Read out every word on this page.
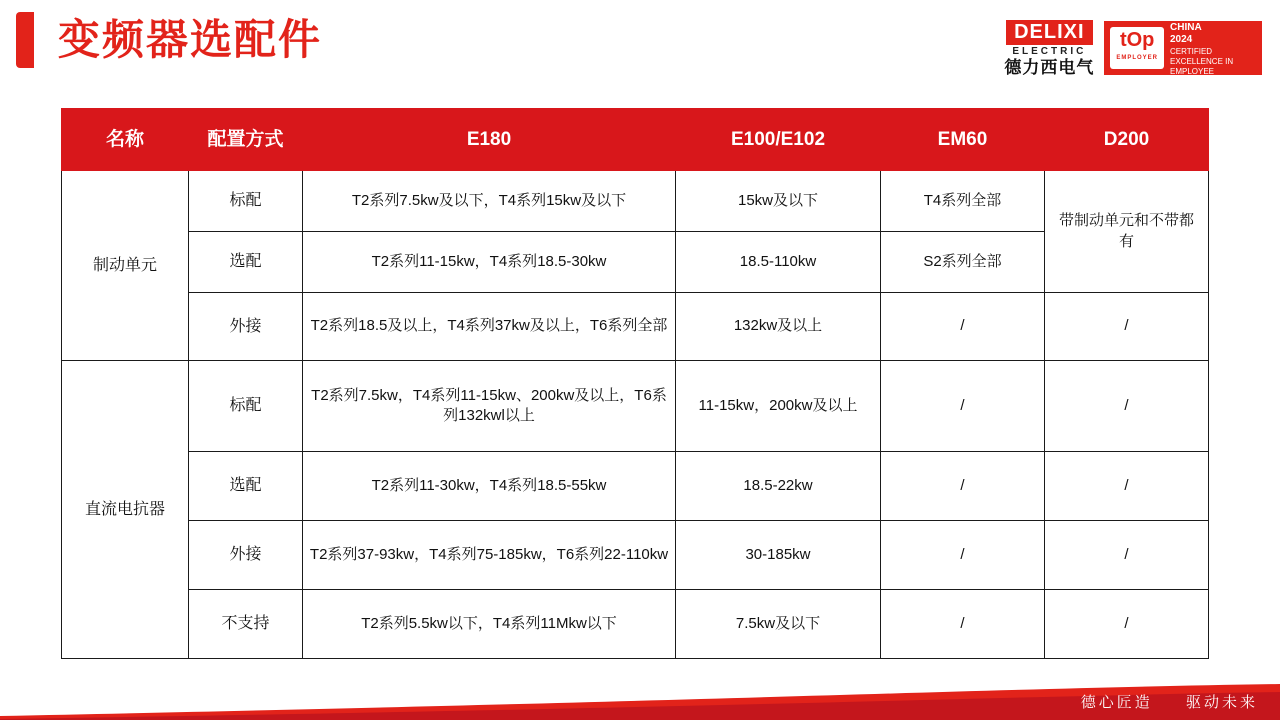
变频器选配件	DELIXI
ELECTRIC
德力西电气
tOp
EMPLOYER
中国杰出雇主
CHINA
2024
CERTIFIED EXCELLENCE IN EMPLOYEE CONDITIONS
名称	配置方式	E180	E100/E102	EM60	D200
制动单元	标配	T2系列7.5kw及以下，T4系列15kw及以下	15kw及以下	T4系列全部	带制动单元和不带都有
	选配	T2系列11-15kw，T4系列18.5-30kw	18.5-110kw	S2系列全部	
	外接	T2系列18.5及以上，T4系列37kw及以上，T6系列全部	132kw及以上	/	/
直流电抗器	标配	T2系列7.5kw，T4系列11-15kw、200kw及以上，T6系列132kwl以上	11-15kw，200kw及以上	/	/
	选配	T2系列11-30kw，T4系列18.5-55kw	18.5-22kw	/	/
	外接	T2系列37-93kw，T4系列75-185kw，T6系列22-110kw	30-185kw	/	/
	不支持	T2系列5.5kw以下，T4系列11Mkw以下	7.5kw及以下	/	/
德心匠造 驱动未来
